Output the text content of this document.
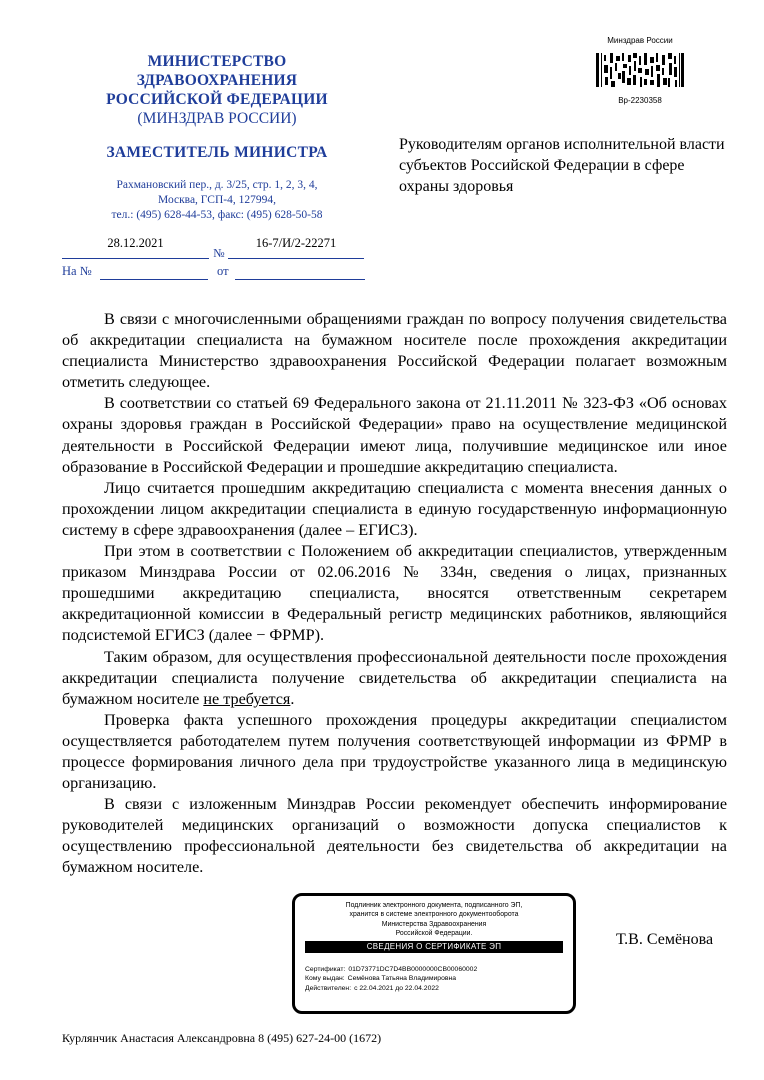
МИНИСТЕРСТВО
ЗДРАВООХРАНЕНИЯ
РОССИЙСКОЙ ФЕДЕРАЦИИ
(МИНЗДРАВ РОССИИ)
ЗАМЕСТИТЕЛЬ МИНИСТРА
Рахмановский пер., д. 3/25, стр. 1, 2, 3, 4,
Москва, ГСП-4, 127994,
тел.: (495) 628-44-53, факс: (495) 628-50-58
28.12.2021
№
16-7/И/2-22271
На №	от
Минздрав России
Вр-2230358
Руководителям органов исполнительной власти субъектов Российской Федерации в сфере охраны здоровья

В связи с многочисленными обращениями граждан по вопросу получения свидетельства об аккредитации специалиста на бумажном носителе после прохождения аккредитации специалиста Министерство здравоохранения Российской Федерации полагает возможным отметить следующее.

В соответствии со статьей 69 Федерального закона от 21.11.2011 № 323-ФЗ «Об основах охраны здоровья граждан в Российской Федерации» право на осуществление медицинской деятельности в Российской Федерации имеют лица, получившие медицинское или иное образование в Российской Федерации и прошедшие аккредитацию специалиста.

Лицо считается прошедшим аккредитацию специалиста с момента внесения данных о прохождении лицом аккредитации специалиста в единую государственную информационную систему в сфере здравоохранения (далее – ЕГИСЗ).

При этом в соответствии с Положением об аккредитации специалистов, утвержденным приказом Минздрава России от 02.06.2016 № 334н, сведения о лицах, признанных прошедшими аккредитацию специалиста, вносятся ответственным секретарем аккредитационной комиссии в Федеральный регистр медицинских работников, являющийся подсистемой ЕГИСЗ (далее − ФРМР).

Таким образом, для осуществления профессиональной деятельности после прохождения аккредитации специалиста получение свидетельства об аккредитации специалиста на бумажном носителе не требуется.

Проверка факта успешного прохождения процедуры аккредитации специалистом осуществляется работодателем путем получения соответствующей информации из ФРМР в процессе формирования личного дела при трудоустройстве указанного лица в медицинскую организацию.

В связи с изложенным Минздрав России рекомендует обеспечить информирование руководителей медицинских организаций о возможности допуска специалистов к осуществлению профессиональной деятельности без свидетельства об аккредитации на бумажном носителе.

Подлинник электронного документа, подписанного ЭП,
хранится в системе электронного документооборота
Министерства Здравоохранения
Российской Федерации.
СВЕДЕНИЯ О СЕРТИФИКАТЕ ЭП
Сертификат: 01D73771DC7D4BB0000000CB00060002
Кому выдан: Семёнова Татьяна Владимировна
Действителен: с 22.04.2021 до 22.04.2022
Т.В. Семёнова
Курлянчик Анастасия Александровна 8 (495) 627-24-00 (1672)
